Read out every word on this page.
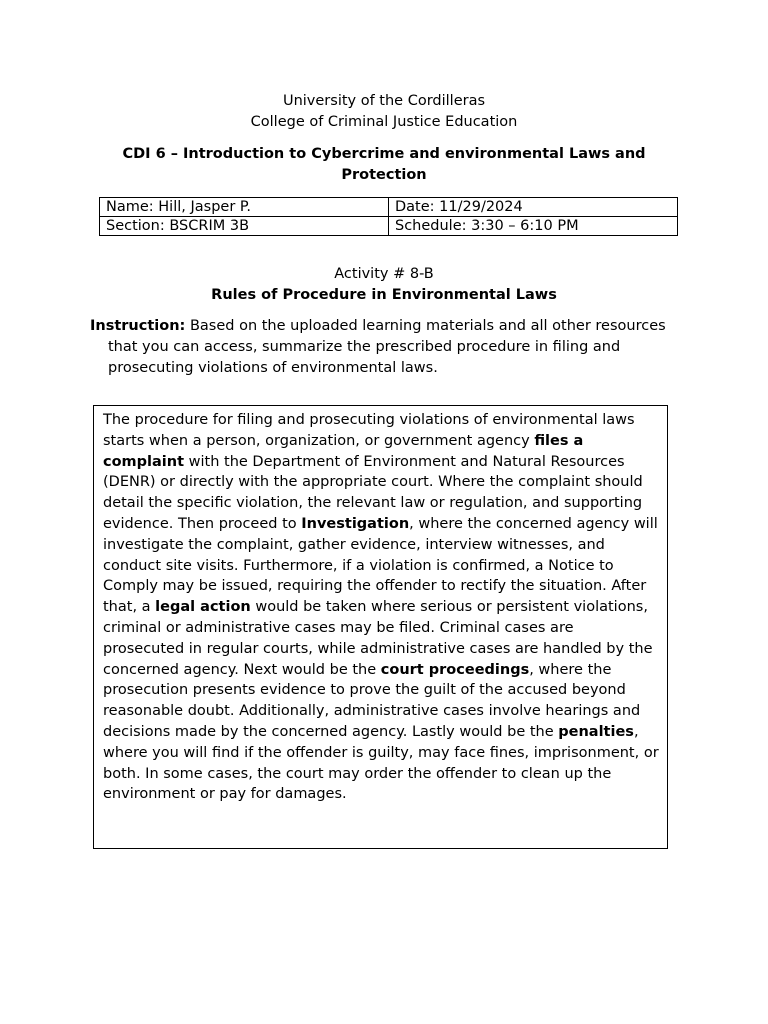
University of the Cordilleras
College of Criminal Justice Education
CDI 6 – Introduction to Cybercrime and environmental Laws and Protection
Name: Hill, Jasper P.	Date: 11/29/2024
Section: BSCRIM 3B	Schedule: 3:30 – 6:10 PM
Activity # 8-B
Rules of Procedure in Environmental Laws
Instruction: Based on the uploaded learning materials and all other resources that you can access, summarize the prescribed procedure in filing and prosecuting violations of environmental laws.
The procedure for filing and prosecuting violations of environmental laws starts when a person, organization, or government agency files a complaint with the Department of Environment and Natural Resources (DENR) or directly with the appropriate court. Where the complaint should detail the specific violation, the relevant law or regulation, and supporting evidence. Then proceed to Investigation, where the concerned agency will investigate the complaint, gather evidence, interview witnesses, and conduct site visits. Furthermore, if a violation is confirmed, a Notice to Comply may be issued, requiring the offender to rectify the situation. After that, a legal action would be taken where serious or persistent violations, criminal or administrative cases may be filed. Criminal cases are prosecuted in regular courts, while administrative cases are handled by the concerned agency. Next would be the court proceedings, where the prosecution presents evidence to prove the guilt of the accused beyond reasonable doubt. Additionally, administrative cases involve hearings and decisions made by the concerned agency. Lastly would be the penalties, where you will find if the offender is guilty, may face fines, imprisonment, or both. In some cases, the court may order the offender to clean up the environment or pay for damages.
